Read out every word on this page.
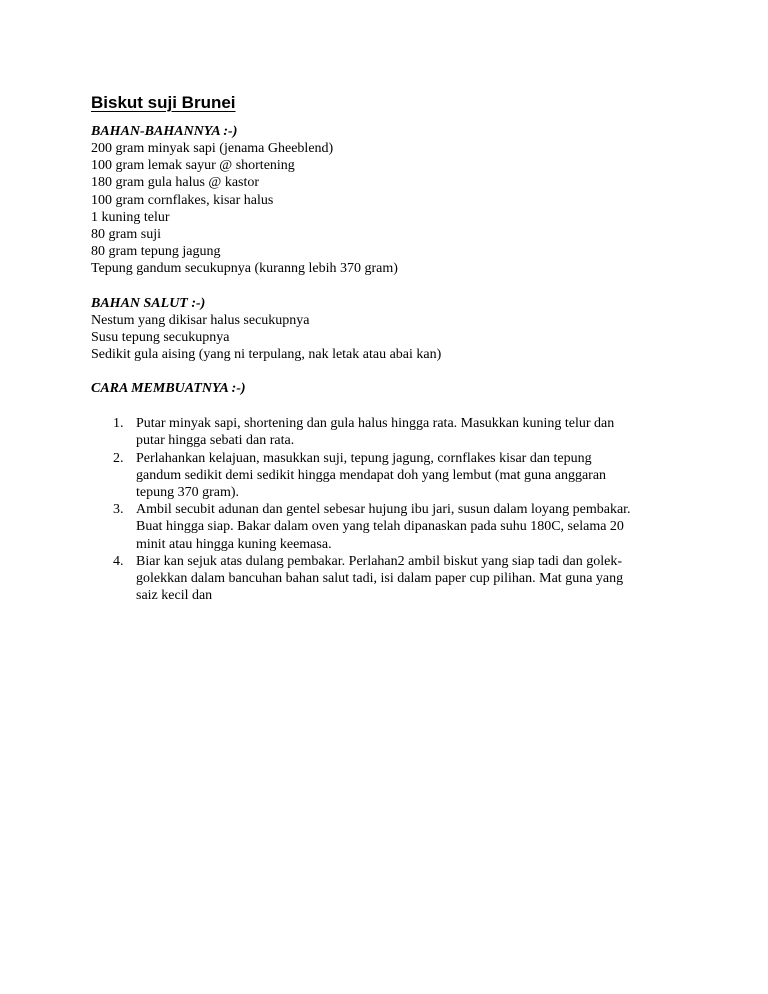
Biskut suji Brunei

BAHAN-BAHANNYA :-)

200 gram minyak sapi (jenama Gheeblend)

100 gram lemak sayur @ shortening

180 gram gula halus @ kastor

100 gram cornflakes, kisar halus

1 kuning telur

80 gram suji

80 gram tepung jagung

Tepung gandum secukupnya (kuranng lebih 370 gram)

BAHAN SALUT :-)

Nestum yang dikisar halus secukupnya

Susu tepung secukupnya

Sedikit gula aising (yang ni terpulang, nak letak atau abai kan)

CARA MEMBUATNYA :-)

1. Putar minyak sapi, shortening dan gula halus hingga rata. Masukkan kuning telur dan

putar hingga sebati dan rata.

2. Perlahankan kelajuan, masukkan suji, tepung jagung, cornflakes kisar dan tepung

gandum sedikit demi sedikit hingga mendapat doh yang lembut (mat guna anggaran

tepung 370 gram).

3. Ambil secubit adunan dan gentel sebesar hujung ibu jari, susun dalam loyang pembakar.

Buat hingga siap. Bakar dalam oven yang telah dipanaskan pada suhu 180C, selama 20

minit atau hingga kuning keemasa.

4. Biar kan sejuk atas dulang pembakar. Perlahan2 ambil biskut yang siap tadi dan golek-

golekkan dalam bancuhan bahan salut tadi, isi dalam paper cup pilihan. Mat guna yang

saiz kecil dan
